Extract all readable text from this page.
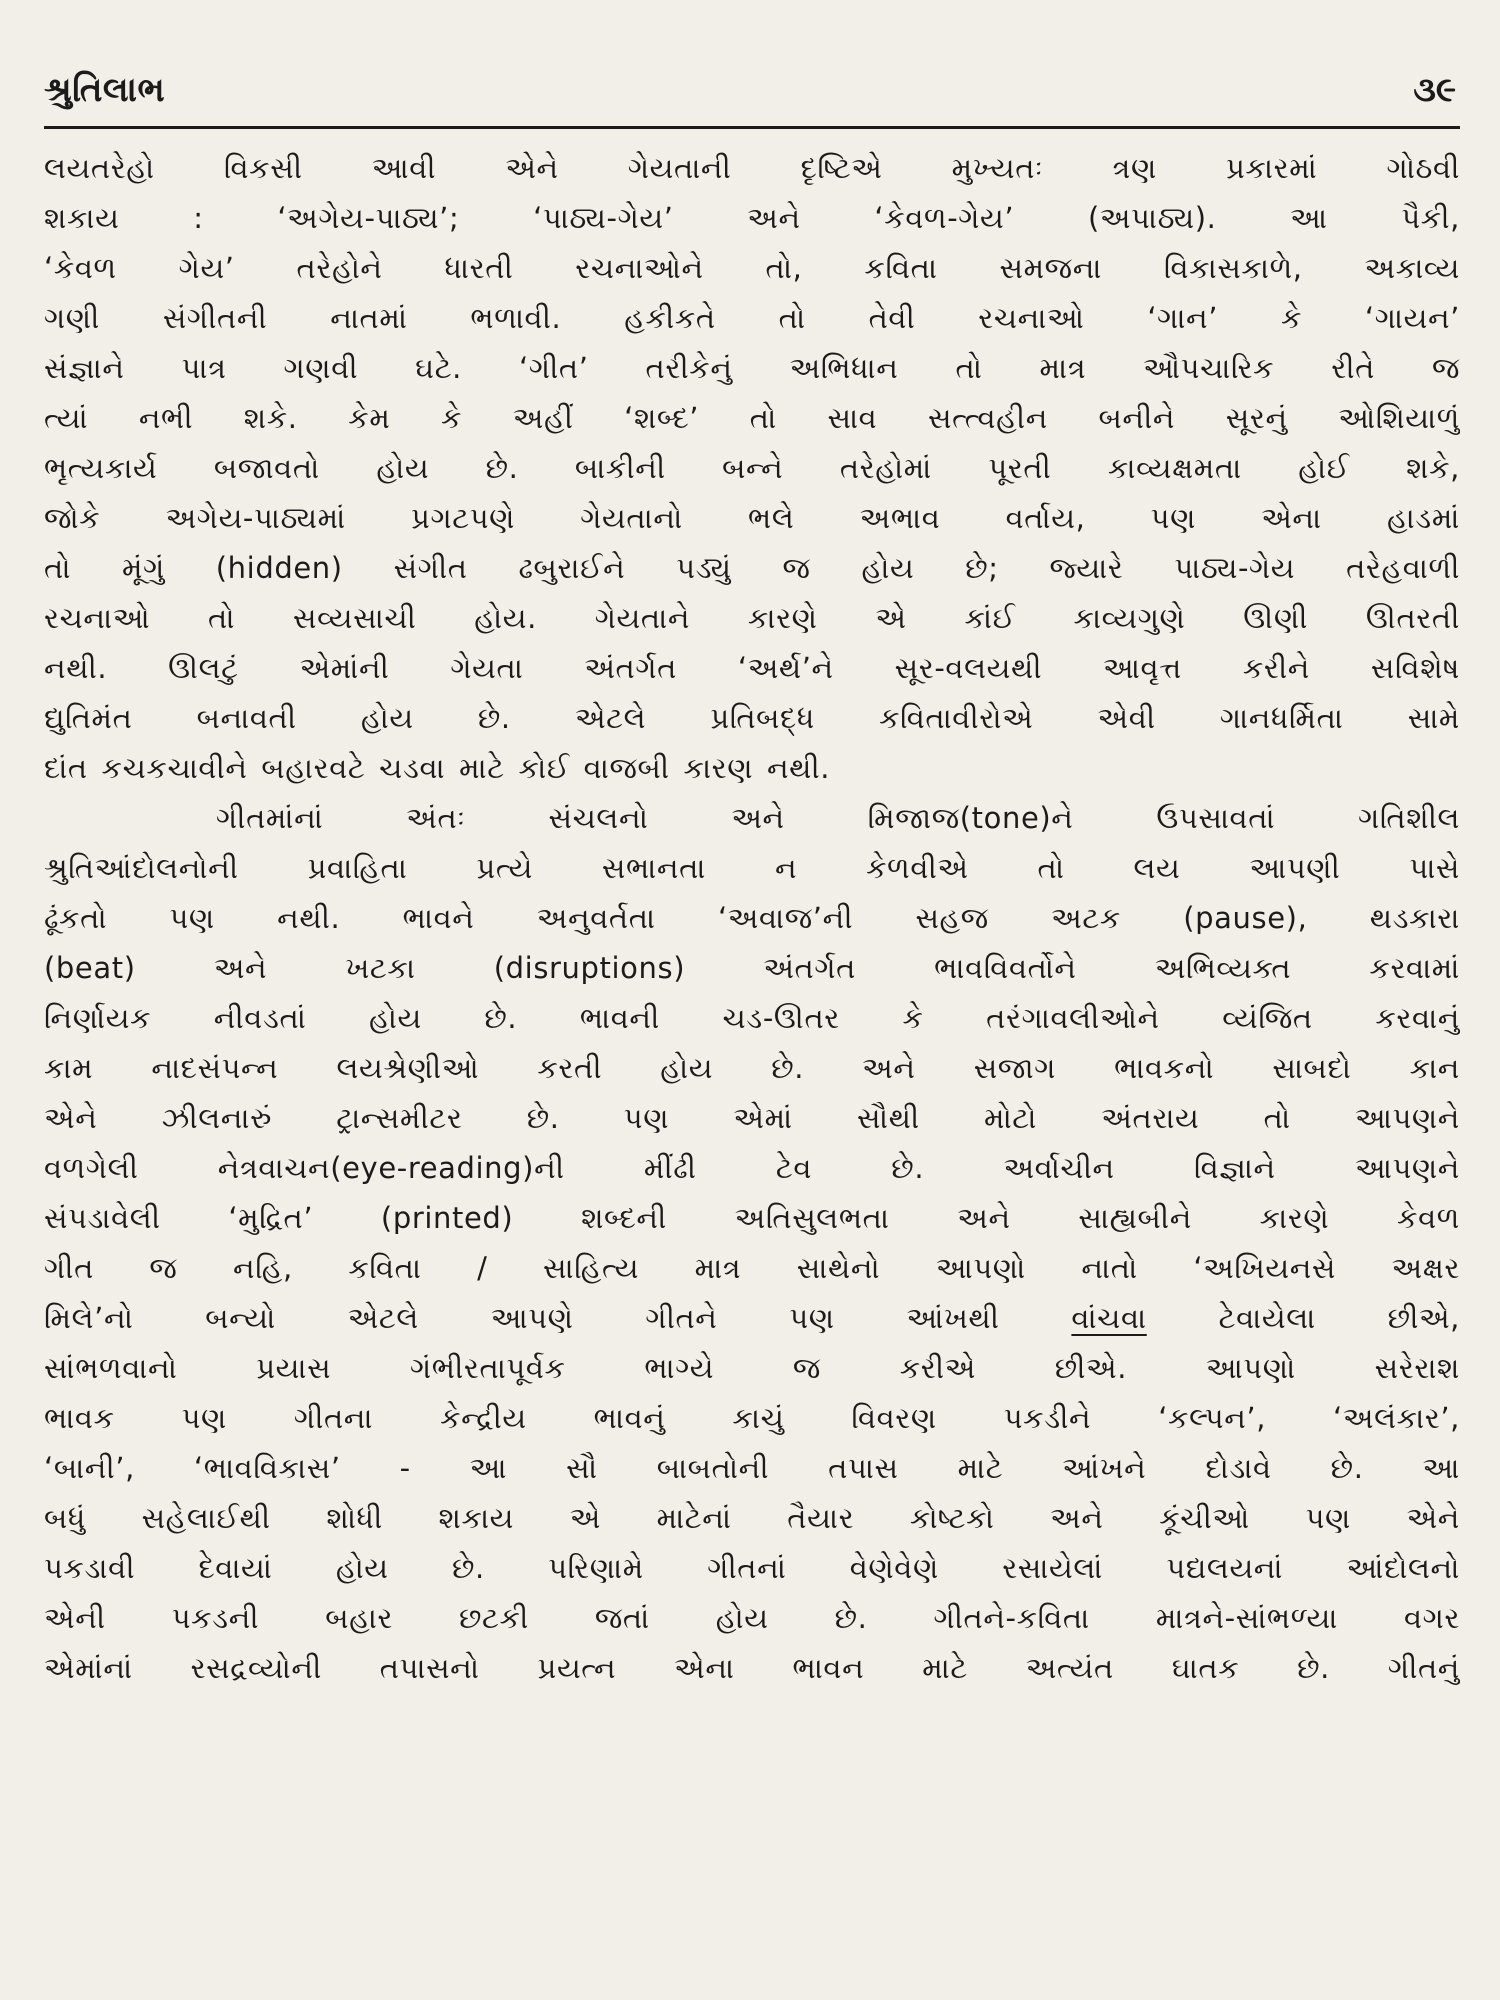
શ્રુતિલાભ	૩૯
લયતરેહો વિકસી આવી એને ગેયતાની દૃષ્ટિએ મુખ્યતઃ ત્રણ પ્રકારમાં ગોઠવી
શકાય : ‘અગેય-પાઠ્ય’; ‘પાઠ્ય-ગેય’ અને ‘કેવળ-ગેય’ (અપાઠ્ય). આ પૈકી,
‘કેવળ ગેય’ તરેહોને ધારતી રચનાઓને તો, કવિતા સમજના વિકાસકાળે, અકાવ્ય
ગણી સંગીતની નાતમાં ભળાવી. હકીકતે તો તેવી રચનાઓ ‘ગાન’ કે ‘ગાયન’
સંજ્ઞાને પાત્ર ગણવી ઘટે. ‘ગીત’ તરીકેનું અભિધાન તો માત્ર ઔપચારિક રીતે જ
ત્યાં નભી શકે. કેમ કે અહીં ‘શબ્દ’ તો સાવ સત્ત્વહીન બનીને સૂરનું ઓશિયાળું
ભૃત્યકાર્ય બજાવતો હોય છે. બાકીની બન્ને તરેહોમાં પૂરતી કાવ્યક્ષમતા હોઈ શકે,
જોકે અગેય-પાઠ્યમાં પ્રગટપણે ગેયતાનો ભલે અભાવ વર્તાય, પણ એના હાડમાં
તો મૂંગું (hidden) સંગીત ઢબુરાઈને પડ્યું જ હોય છે; જ્યારે પાઠ્ય-ગેય તરેહવાળી
રચનાઓ તો સવ્યસાચી હોય. ગેયતાને કારણે એ કાંઈ કાવ્યગુણે ઊણી ઊતરતી
નથી. ઊલટું એમાંની ગેયતા અંતર્ગત ‘અર્થ’ને સૂર-વલયથી આવૃત્ત કરીને સવિશેષ
દ્યુતિમંત બનાવતી હોય છે. એટલે પ્રતિબદ્ધ કવિતાવીરોએ એવી ગાનધર્મિતા સામે
દાંત કચકચાવીને બહારવટે ચડવા માટે કોઈ વાજબી કારણ નથી.
ગીતમાંનાં અંતઃ સંચલનો અને મિજાજ(tone)ને ઉપસાવતાં ગતિશીલ
શ્રુતિઆંદોલનોની પ્રવાહિતા પ્રત્યે સભાનતા ન કેળવીએ તો લય આપણી પાસે
ઢૂંકતો પણ નથી. ભાવને અનુવર્તતા ‘અવાજ’ની સહજ અટક (pause), થડકારા
(beat) અને ખટકા (disruptions) અંતર્ગત ભાવવિવર્તોને અભિવ્યક્ત કરવામાં
નિર્ણાયક નીવડતાં હોય છે. ભાવની ચડ-ઊતર કે તરંગાવલીઓને વ્યંજિત કરવાનું
કામ નાદસંપન્ન લયશ્રેણીઓ કરતી હોય છે. અને સજાગ ભાવકનો સાબદો કાન
એને ઝીલનારું ટ્રાન્સમીટર છે. પણ એમાં સૌથી મોટો અંતરાય તો આપણને
વળગેલી નેત્રવાચન(eye-reading)ની મીંઢી ટેવ છે. અર્વાચીન વિજ્ઞાને આપણને
સંપડાવેલી ‘મુદ્રિત’ (printed) શબ્દની અતિસુલભતા અને સાહ્યબીને કારણે કેવળ
ગીત જ નહિ, કવિતા / સાહિત્ય માત્ર સાથેનો આપણો નાતો ‘અખિયનસે અક્ષર
મિલે’નો બન્યો એટલે આપણે ગીતને પણ આંખથી વાંચવા ટેવાયેલા છીએ,
સાંભળવાનો પ્રયાસ ગંભીરતાપૂર્વક ભાગ્યે જ કરીએ છીએ. આપણો સરેરાશ
ભાવક પણ ગીતના કેન્દ્રીય ભાવનું કાચું વિવરણ પકડીને ‘કલ્પન’, ‘અલંકાર’,
‘બાની’, ‘ભાવવિકાસ’ - આ સૌ બાબતોની તપાસ માટે આંખને દોડાવે છે. આ
બધું સહેલાઈથી શોધી શકાય એ માટેનાં તૈયાર કોષ્ટકો અને કૂંચીઓ પણ એને
પકડાવી દેવાયાં હોય છે. પરિણામે ગીતનાં વેણેવેણે રસાયેલાં પદ્યલયનાં આંદોલનો
એની પકડની બહાર છટકી જતાં હોય છે. ગીતને-કવિતા માત્રને-સાંભળ્યા વગર
એમાંનાં રસદ્રવ્યોની તપાસનો પ્રયત્ન એના ભાવન માટે અત્યંત ઘાતક છે. ગીતનું
